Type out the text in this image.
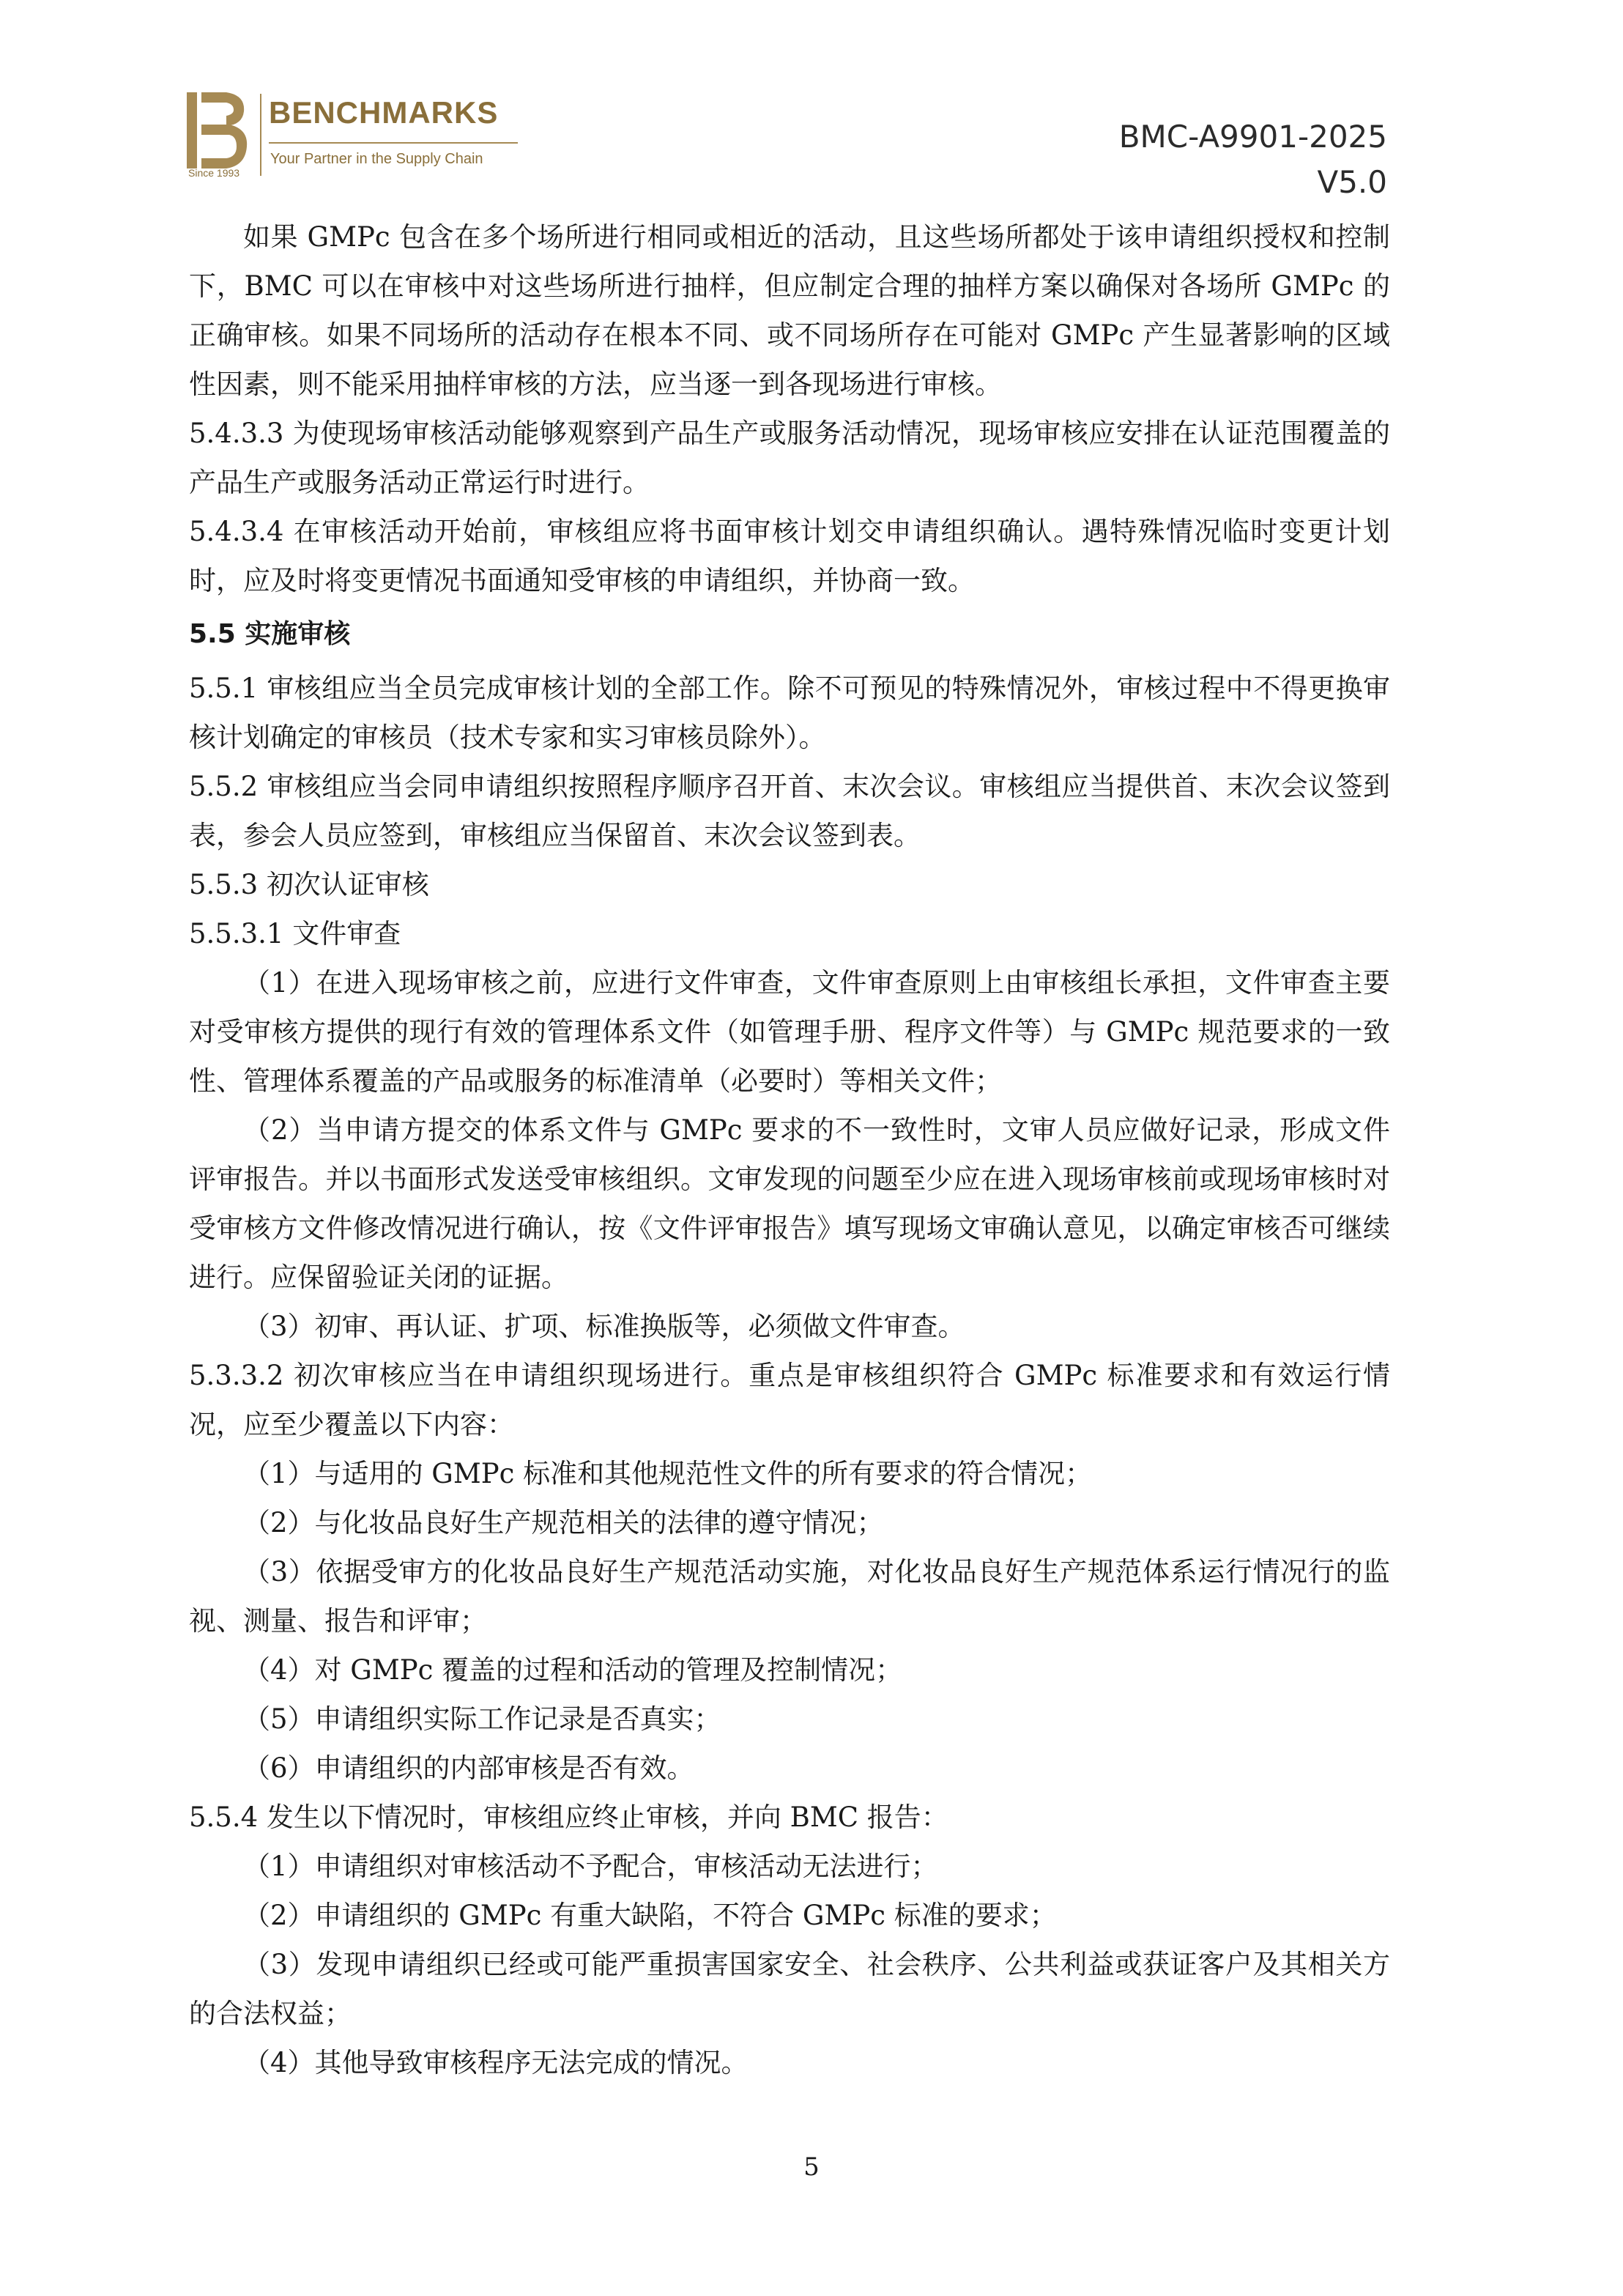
Since 1993
BENCHMARKS
Your Partner in the Supply Chain
BMC-A9901-2025
V5.0

如果 GMPc 包含在多个场所进行相同或相近的活动，且这些场所都处于该申请组织授权和控制下，BMC 可以在审核中对这些场所进行抽样，但应制定合理的抽样方案以确保对各场所 GMPc 的正确审核。如果不同场所的活动存在根本不同、或不同场所存在可能对 GMPc 产生显著影响的区域性因素，则不能采用抽样审核的方法，应当逐一到各现场进行审核。

5.4.3.3 为使现场审核活动能够观察到产品生产或服务活动情况，现场审核应安排在认证范围覆盖的产品生产或服务活动正常运行时进行。

5.4.3.4 在审核活动开始前，审核组应将书面审核计划交申请组织确认。遇特殊情况临时变更计划时，应及时将变更情况书面通知受审核的申请组织，并协商一致。

5.5 实施审核

5.5.1 审核组应当全员完成审核计划的全部工作。除不可预见的特殊情况外，审核过程中不得更换审核计划确定的审核员（技术专家和实习审核员除外）。

5.5.2 审核组应当会同申请组织按照程序顺序召开首、末次会议。审核组应当提供首、末次会议签到表，参会人员应签到，审核组应当保留首、末次会议签到表。

5.5.3 初次认证审核

5.5.3.1 文件审查

（1）在进入现场审核之前，应进行文件审查，文件审查原则上由审核组长承担，文件审查主要对受审核方提供的现行有效的管理体系文件（如管理手册、程序文件等）与 GMPc 规范要求的一致性、管理体系覆盖的产品或服务的标准清单（必要时）等相关文件；

（2）当申请方提交的体系文件与 GMPc 要求的不一致性时，文审人员应做好记录，形成文件评审报告。并以书面形式发送受审核组织。文审发现的问题至少应在进入现场审核前或现场审核时对受审核方文件修改情况进行确认，按《文件评审报告》填写现场文审确认意见，以确定审核否可继续进行。应保留验证关闭的证据。

（3）初审、再认证、扩项、标准换版等，必须做文件审查。

5.3.3.2 初次审核应当在申请组织现场进行。重点是审核组织符合 GMPc 标准要求和有效运行情况，应至少覆盖以下内容：

（1）与适用的 GMPc 标准和其他规范性文件的所有要求的符合情况；

（2）与化妆品良好生产规范相关的法律的遵守情况；

（3）依据受审方的化妆品良好生产规范活动实施，对化妆品良好生产规范体系运行情况行的监视、测量、报告和评审；

（4）对 GMPc 覆盖的过程和活动的管理及控制情况；

（5）申请组织实际工作记录是否真实；

（6）申请组织的内部审核是否有效。

5.5.4 发生以下情况时，审核组应终止审核，并向 BMC 报告：

（1）申请组织对审核活动不予配合，审核活动无法进行；

（2）申请组织的 GMPc 有重大缺陷，不符合 GMPc 标准的要求；

（3）发现申请组织已经或可能严重损害国家安全、社会秩序、公共利益或获证客户及其相关方的合法权益；

（4）其他导致审核程序无法完成的情况。

5
